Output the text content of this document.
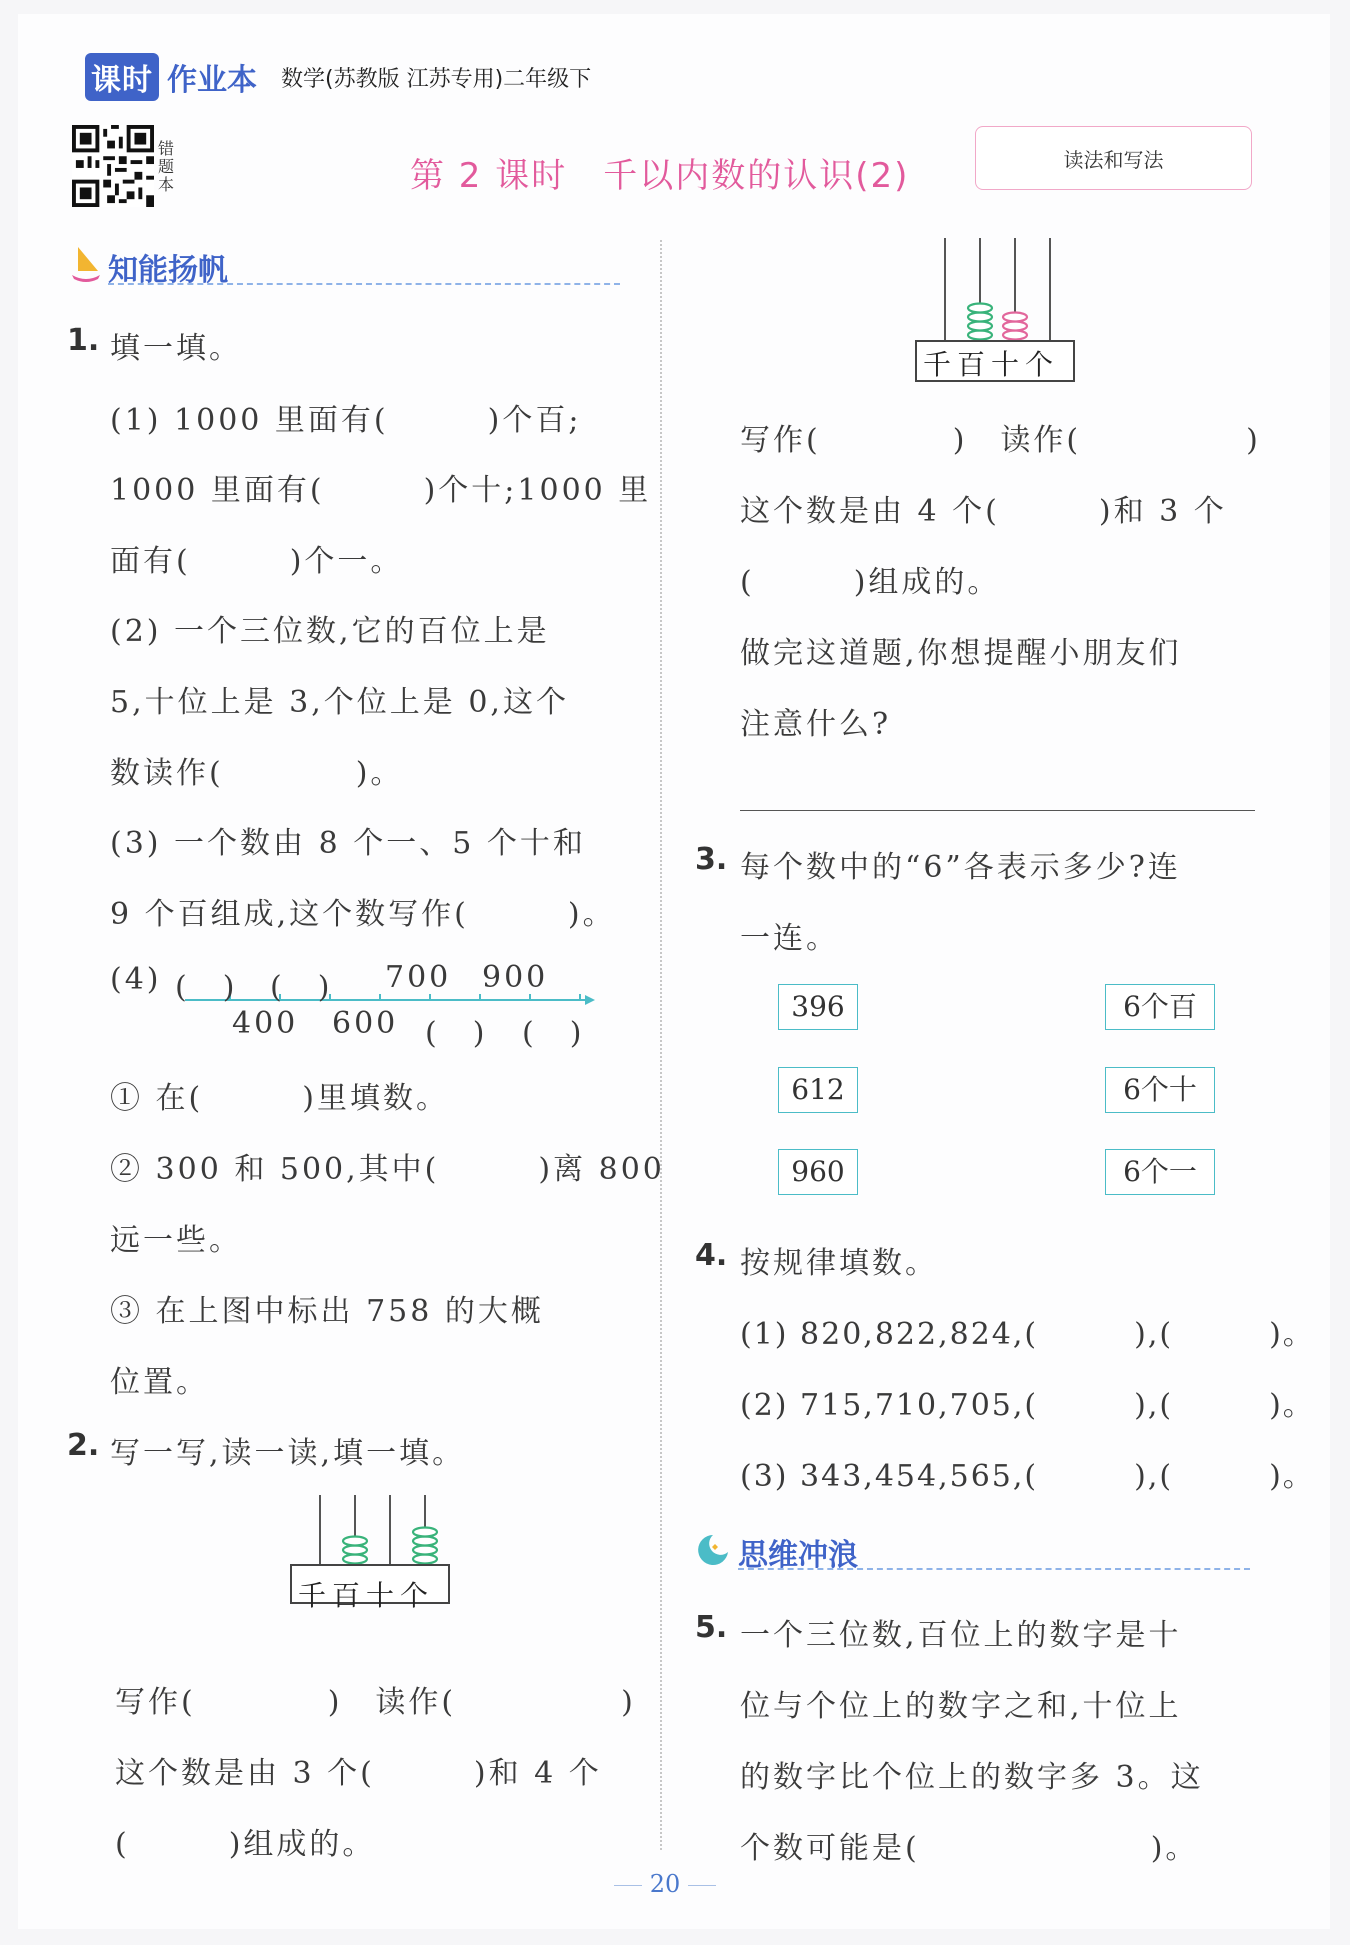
课时 作业本 数学(苏教版 江苏专用)二年级下
错题本	第 2 课时　千以内数的认识(2)	读法和写法
知能扬帆
1. 填一填。
(1) 1000 里面有(　　　)个百;
1000 里面有(　　　)个十;1000 里
面有(　　　)个一。
(2) 一个三位数,它的百位上是
5,十位上是 3,个位上是 0,这个
数读作(　　　　)。
(3) 一个数由 8 个一、5 个十和
9 个百组成,这个数写作(　　　)。
(4) (　) (　) 700 900
400 600 (　) (　)
① 在(　　　)里填数。
② 300 和 500,其中(　　　)离 800
远一些。
③ 在上图中标出 758 的大概
位置。
2. 写一写,读一读,填一填。
千百十个
写作(　　　　)　读作(　　　　　)
这个数是由 3 个(　　　)和 4 个
(　　　)组成的。
千百十个
写作(　　　　)　读作(　　　　　)
这个数是由 4 个(　　　)和 3 个
(　　　)组成的。
做完这道题,你想提醒小朋友们
注意什么?
3. 每个数中的“6”各表示多少?连
一连。
396
612
960
6个百
6个十
6个一
4. 按规律填数。
(1) 820,822,824,(　　　),(　　　)。
(2) 715,710,705,(　　　),(　　　)。
(3) 343,454,565,(　　　),(　　　)。
思维冲浪
5. 一个三位数,百位上的数字是十
位与个位上的数字之和,十位上
的数字比个位上的数字多 3。这
个数可能是(　　　　　　　)。
20
